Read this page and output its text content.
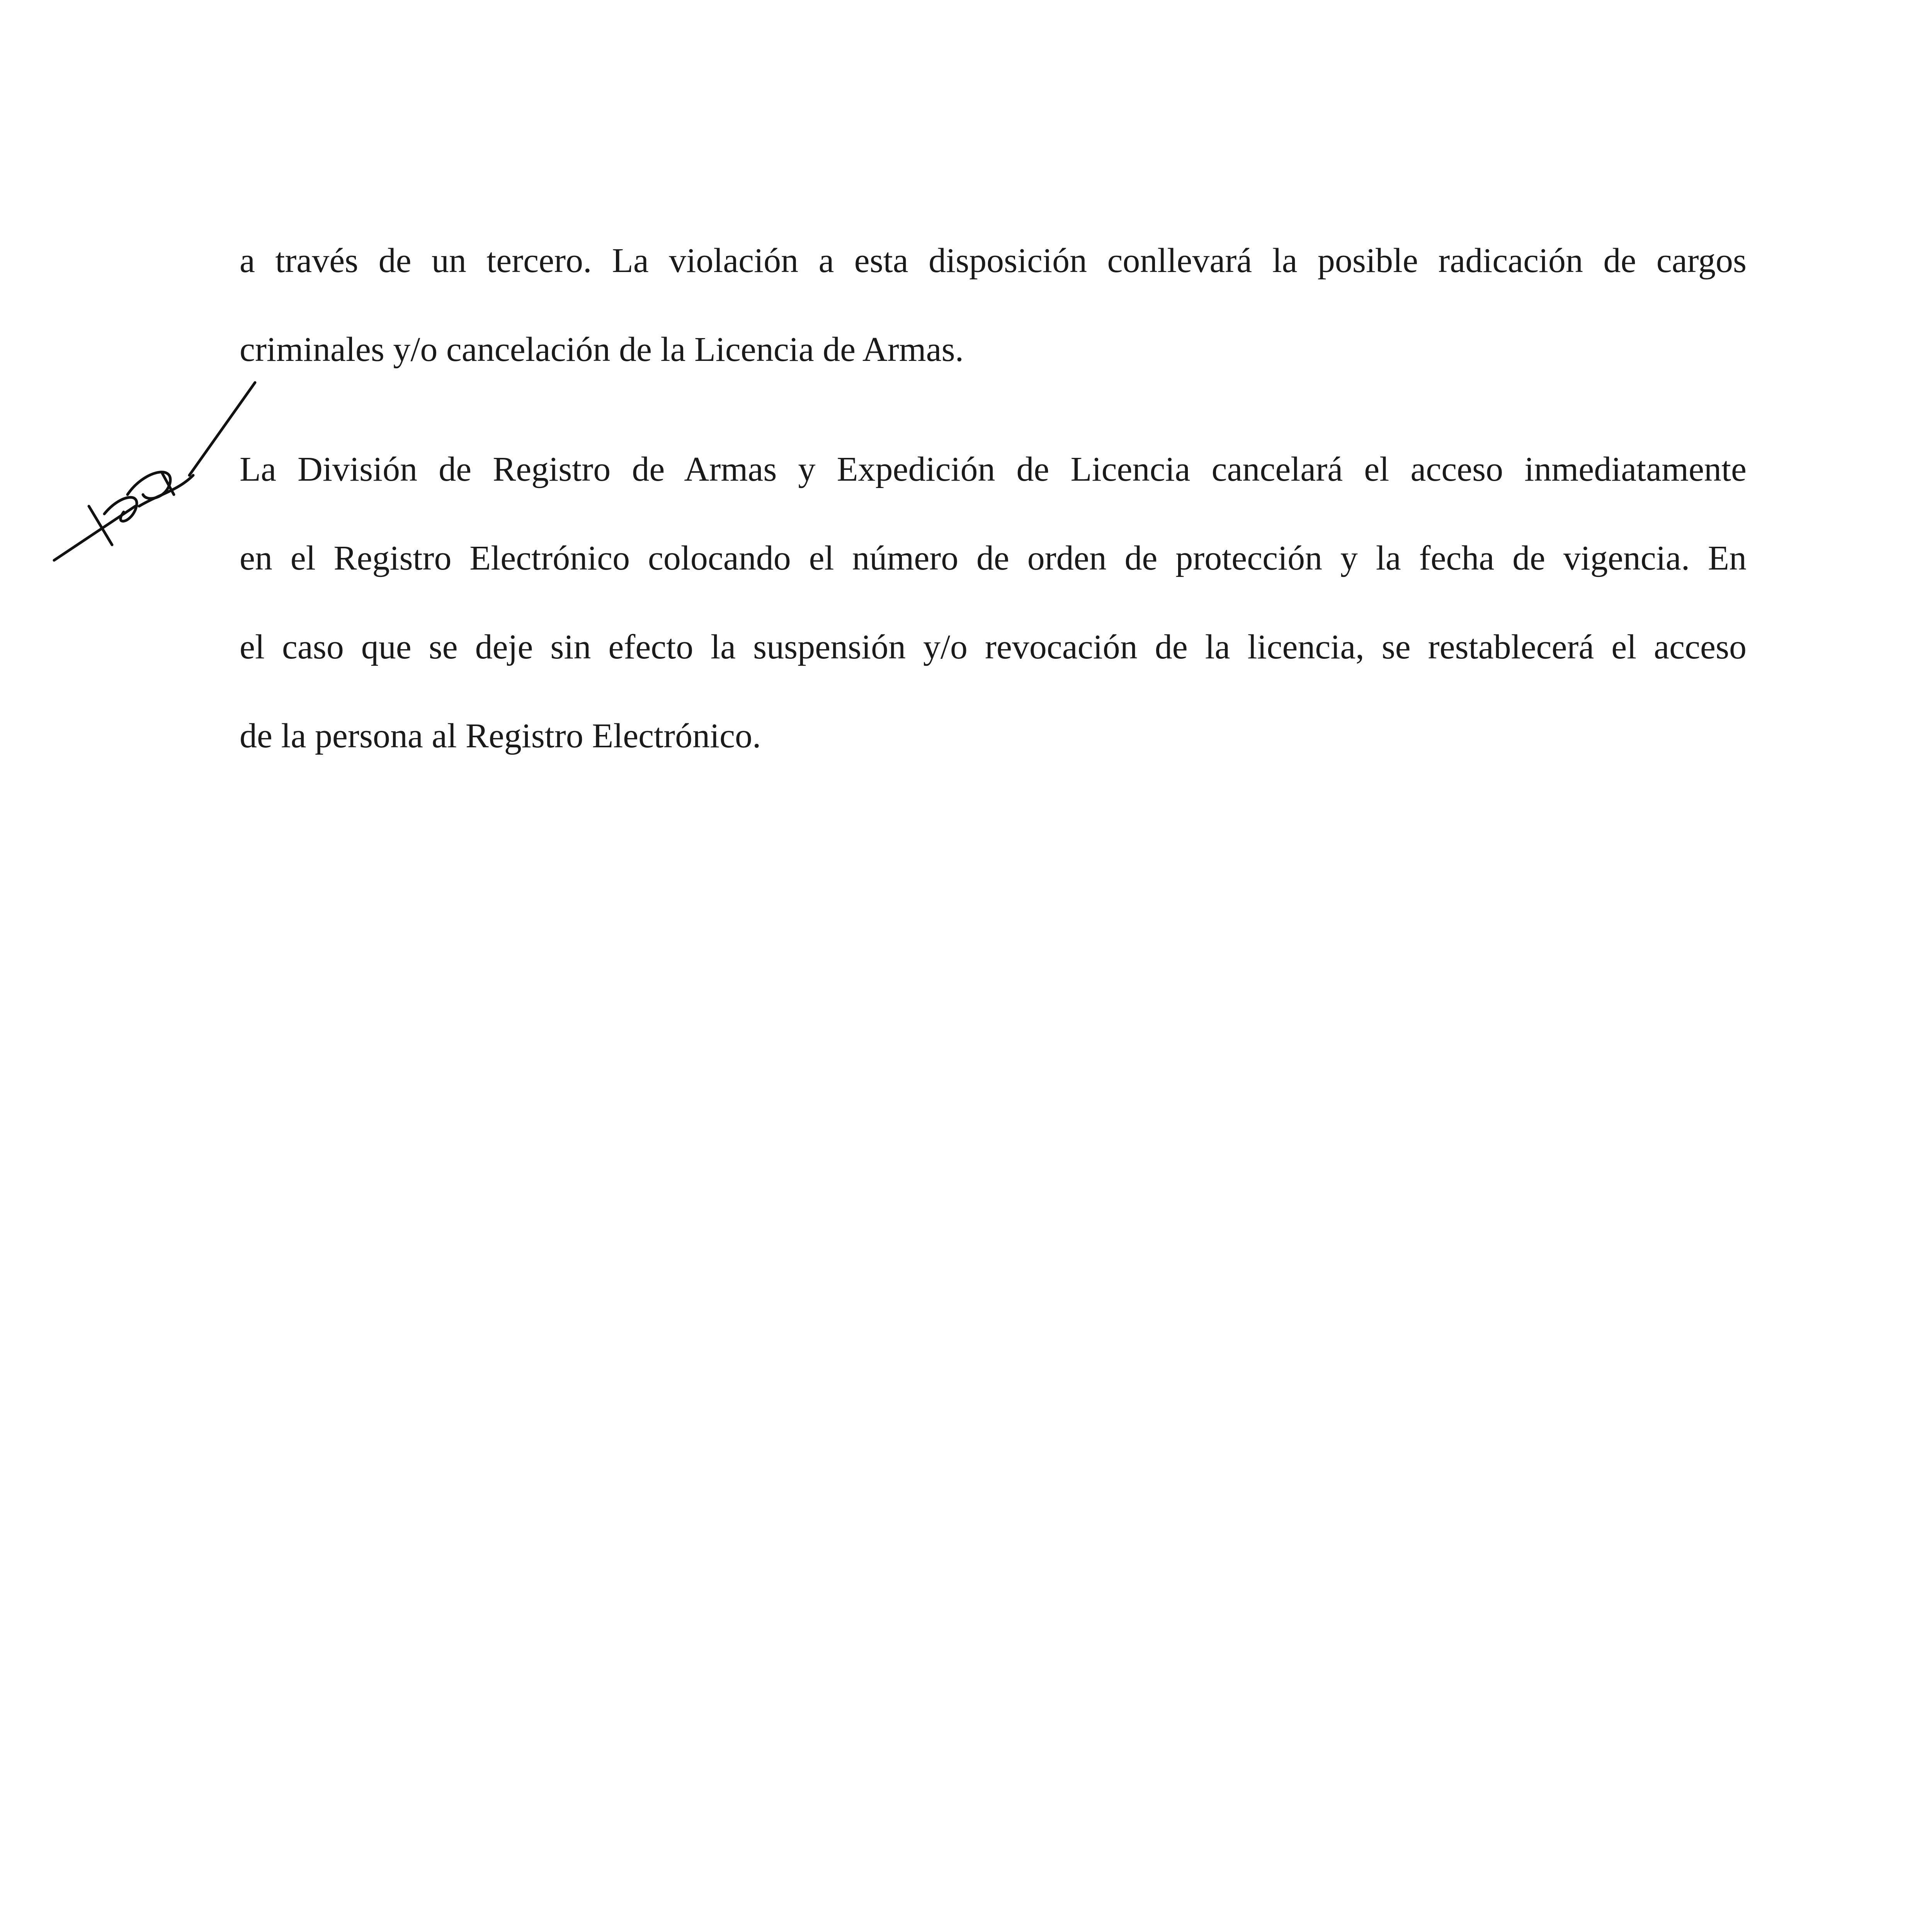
a través de un tercero. La violación a esta disposición conllevará la posible radicación de cargos
criminales y/o cancelación de la Licencia de Armas.
La División de Registro de Armas y Expedición de Licencia cancelará el acceso inmediatamente
en el Registro Electrónico colocando el número de orden de protección y la fecha de vigencia. En
el caso que se deje sin efecto la suspensión y/o revocación de la licencia, se restablecerá el acceso
de la persona al Registro Electrónico.
